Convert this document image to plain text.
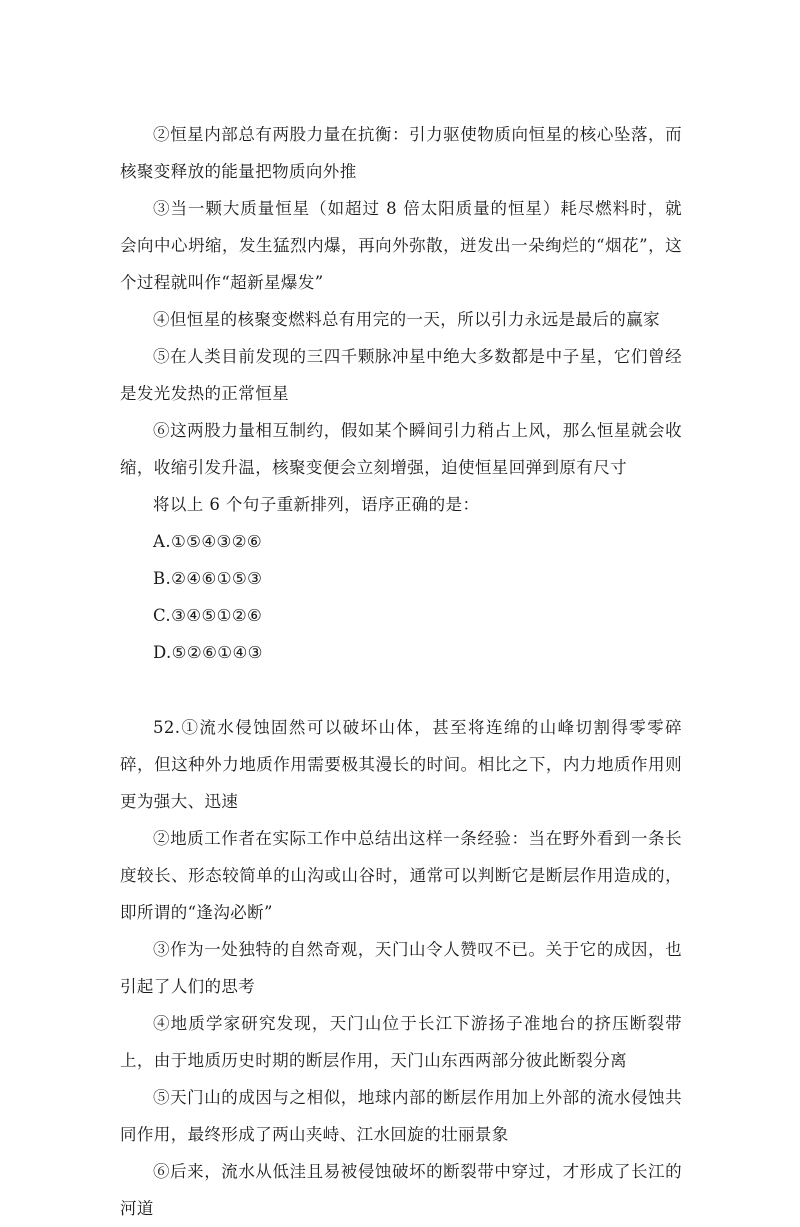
②恒星内部总有两股力量在抗衡：引力驱使物质向恒星的核心坠落，而核聚变释放的能量把物质向外推

③当一颗大质量恒星（如超过 8 倍太阳质量的恒星）耗尽燃料时，就会向中心坍缩，发生猛烈内爆，再向外弥散，迸发出一朵绚烂的“烟花”，这个过程就叫作“超新星爆发”

④但恒星的核聚变燃料总有用完的一天，所以引力永远是最后的赢家

⑤在人类目前发现的三四千颗脉冲星中绝大多数都是中子星，它们曾经是发光发热的正常恒星

⑥这两股力量相互制约，假如某个瞬间引力稍占上风，那么恒星就会收缩，收缩引发升温，核聚变便会立刻增强，迫使恒星回弹到原有尺寸

将以上 6 个句子重新排列，语序正确的是：

A.①⑤④③②⑥

B.②④⑥①⑤③

C.③④⑤①②⑥

D.⑤②⑥①④③

52.①流水侵蚀固然可以破坏山体，甚至将连绵的山峰切割得零零碎碎，但这种外力地质作用需要极其漫长的时间。相比之下，内力地质作用则更为强大、迅速

②地质工作者在实际工作中总结出这样一条经验：当在野外看到一条长度较长、形态较简单的山沟或山谷时，通常可以判断它是断层作用造成的，即所谓的“逢沟必断”

③作为一处独特的自然奇观，天门山令人赞叹不已。关于它的成因，也引起了人们的思考

④地质学家研究发现，天门山位于长江下游扬子准地台的挤压断裂带上，由于地质历史时期的断层作用，天门山东西两部分彼此断裂分离

⑤天门山的成因与之相似，地球内部的断层作用加上外部的流水侵蚀共同作用，最终形成了两山夹峙、江水回旋的壮丽景象

⑥后来，流水从低洼且易被侵蚀破坏的断裂带中穿过，才形成了长江的河道
